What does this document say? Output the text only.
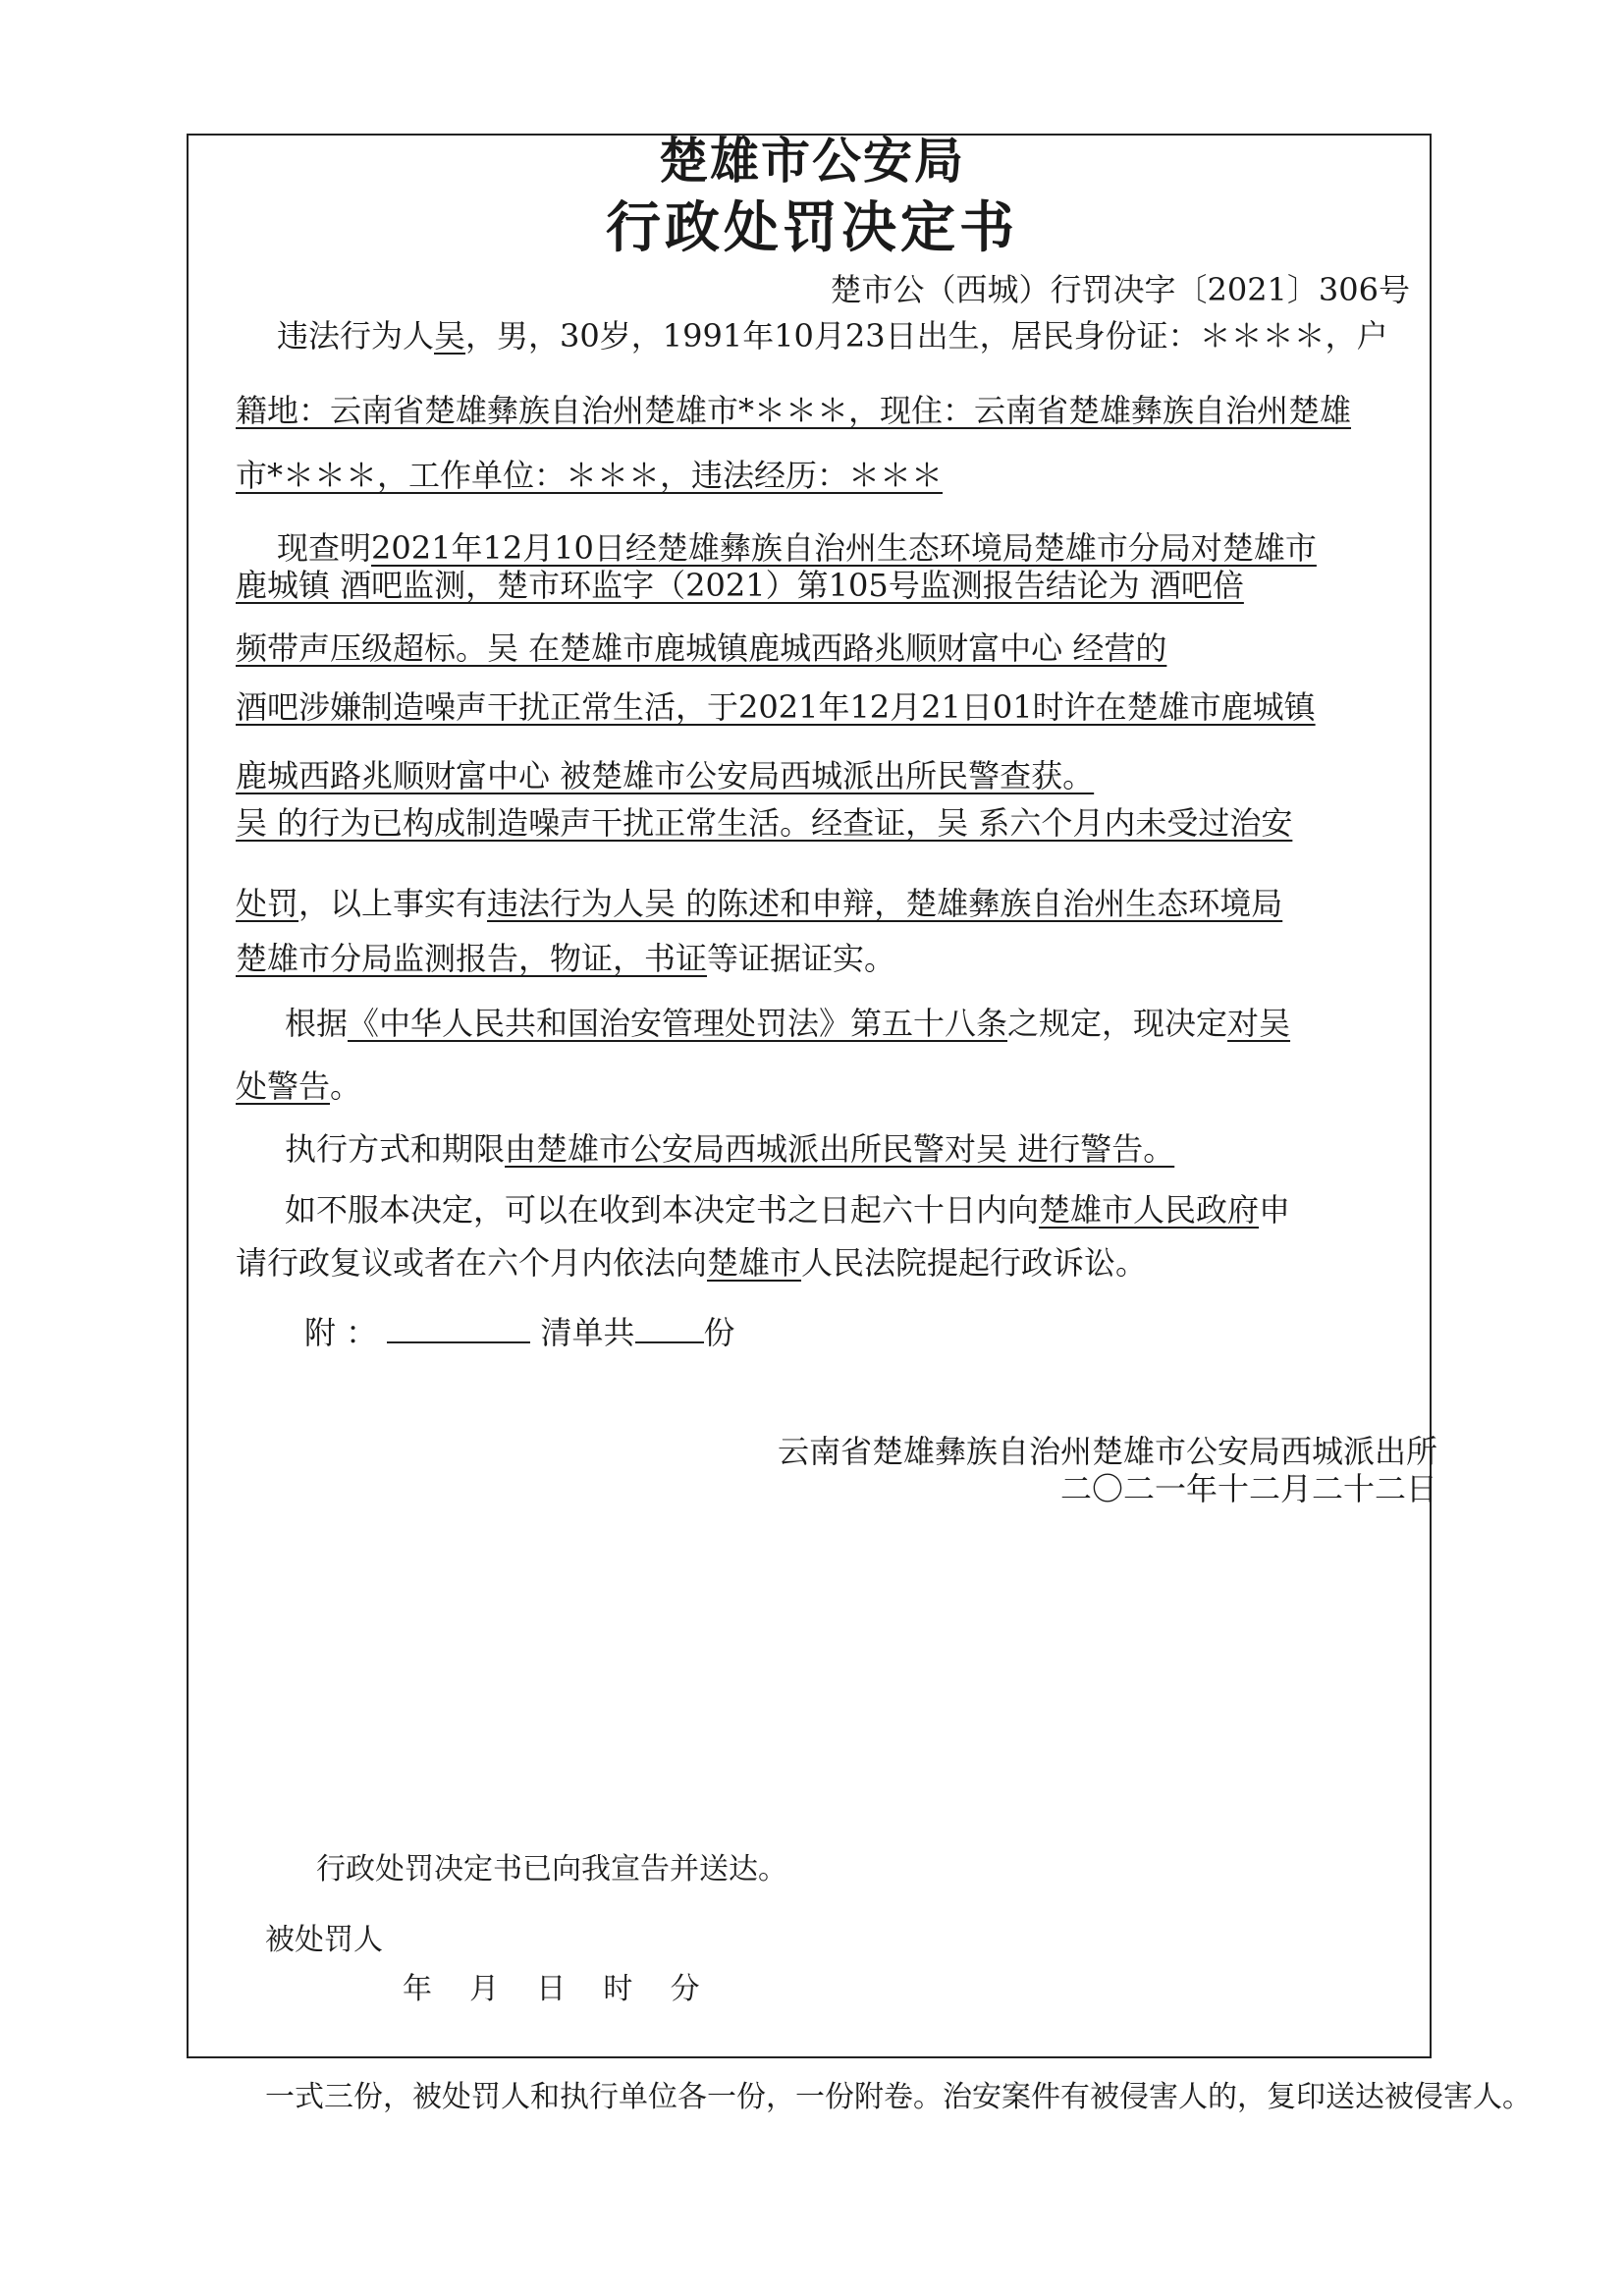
楚雄市公安局
行政处罚决定书
楚市公（西城）行罚决字〔2021〕306号
违法行为人吴，男，30岁，1991年10月23日出生，居民身份证：＊＊＊＊，户
籍地：云南省楚雄彝族自治州楚雄市*＊＊＊，现住：云南省楚雄彝族自治州楚雄
市*＊＊＊，工作单位：＊＊＊，违法经历：＊＊＊
现查明2021年12月10日经楚雄彝族自治州生态环境局楚雄市分局对楚雄市
鹿城镇 酒吧监测，楚市环监字（2021）第105号监测报告结论为 酒吧倍
频带声压级超标。吴 在楚雄市鹿城镇鹿城西路兆顺财富中心 经营的
酒吧涉嫌制造噪声干扰正常生活，于2021年12月21日01时许在楚雄市鹿城镇
鹿城西路兆顺财富中心 被楚雄市公安局西城派出所民警查获。
吴 的行为已构成制造噪声干扰正常生活。经查证，吴 系六个月内未受过治安
处罚，以上事实有违法行为人吴 的陈述和申辩，楚雄彝族自治州生态环境局
楚雄市分局监测报告，物证，书证等证据证实。
根据《中华人民共和国治安管理处罚法》第五十八条之规定，现决定对吴
处警告。
执行方式和期限由楚雄市公安局西城派出所民警对吴 进行警告。
如不服本决定，可以在收到本决定书之日起六十日内向楚雄市人民政府申
请行政复议或者在六个月内依法向楚雄市人民法院提起行政诉讼。
附 ：	清单共 份
云南省楚雄彝族自治州楚雄市公安局西城派出所
二〇二一年十二月二十二日
行政处罚决定书已向我宣告并送达。
被处罚人
年    月    日    时    分
一式三份，被处罚人和执行单位各一份，一份附卷。治安案件有被侵害人的，复印送达被侵害人。
